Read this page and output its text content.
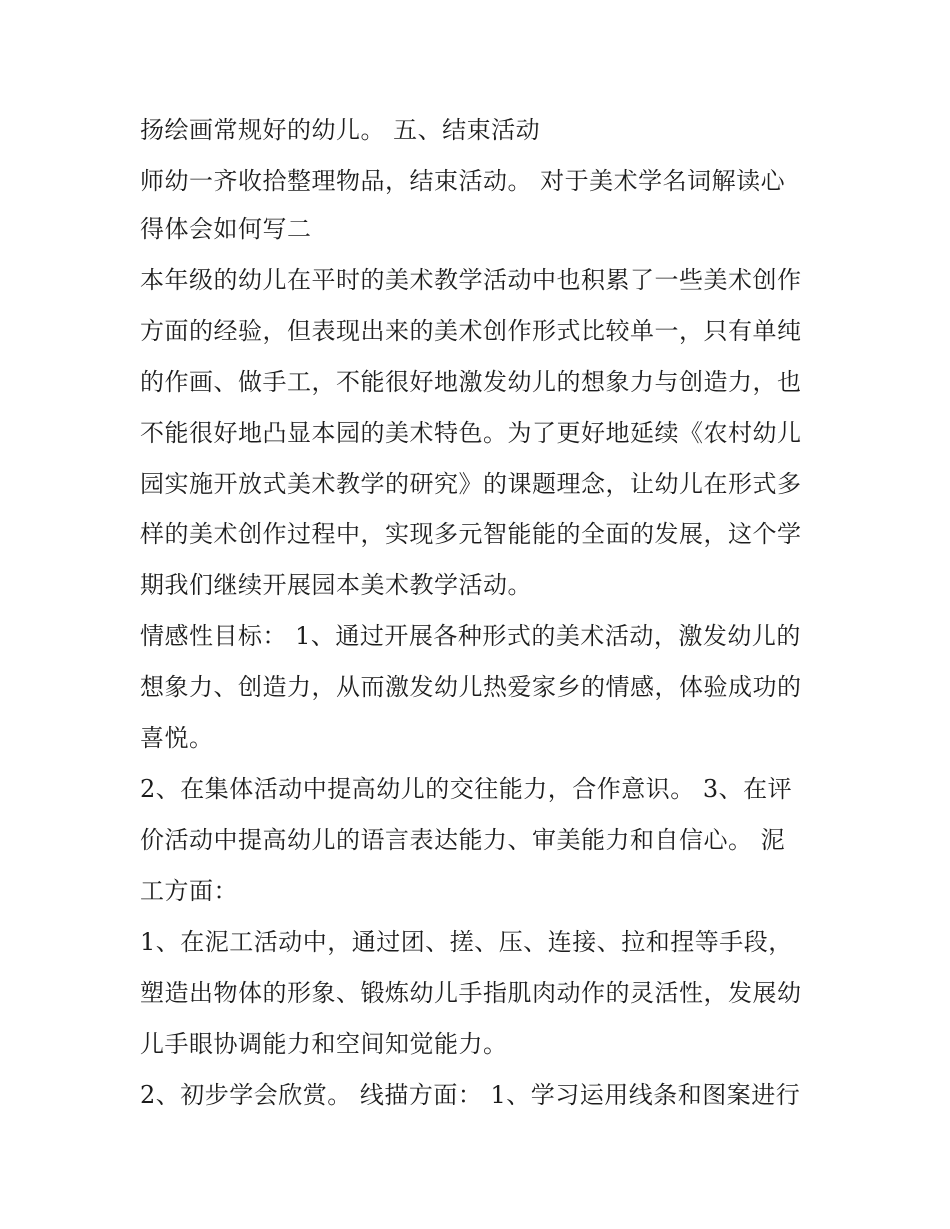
扬绘画常规好的幼儿。 五、结束活动
师幼一齐收拾整理物品，结束活动。 对于美术学名词解读心
得体会如何写二
本年级的幼儿在平时的美术教学活动中也积累了一些美术创作
方面的经验，但表现出来的美术创作形式比较单一，只有单纯
的作画、做手工，不能很好地激发幼儿的想象力与创造力，也
不能很好地凸显本园的美术特色。为了更好地延续《农村幼儿
园实施开放式美术教学的研究》的课题理念，让幼儿在形式多
样的美术创作过程中，实现多元智能能的全面的发展，这个学
期我们继续开展园本美术教学活动。
情感性目标： 1、通过开展各种形式的美术活动，激发幼儿的
想象力、创造力，从而激发幼儿热爱家乡的情感，体验成功的
喜悦。
2、在集体活动中提高幼儿的交往能力，合作意识。 3、在评
价活动中提高幼儿的语言表达能力、审美能力和自信心。 泥
工方面：
1、在泥工活动中，通过团、搓、压、连接、拉和捏等手段，
塑造出物体的形象、锻炼幼儿手指肌肉动作的灵活性，发展幼
儿手眼协调能力和空间知觉能力。
2、初步学会欣赏。 线描方面： 1、学习运用线条和图案进行
